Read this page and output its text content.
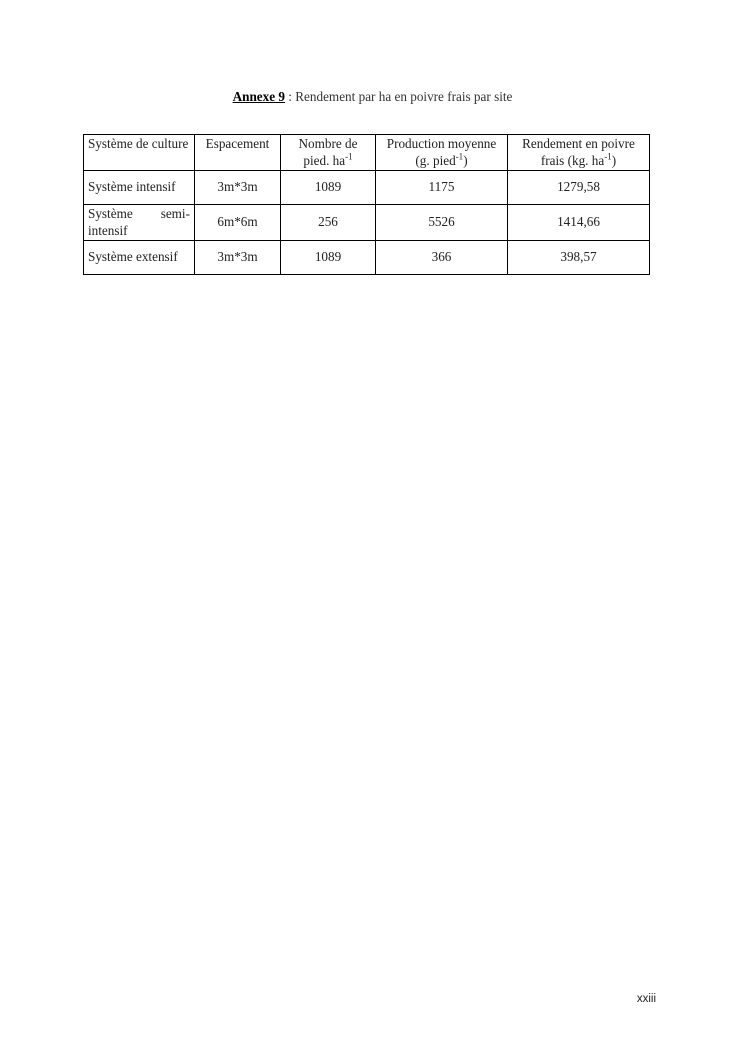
Annexe 9 : Rendement par ha en poivre frais par site
Système de culture	Espacement	Nombre de pied. $ha^{-1}$	Production moyenne (g. pied$^{-1}$)	Rendement en poivre frais (kg. $ha^{-1}$)
Système intensif	3m*3m	1089	1175	1279,58
Système semi-intensif	6m*6m	256	5526	1414,66
Système extensif	3m*3m	1089	366	398,57
xxiii
